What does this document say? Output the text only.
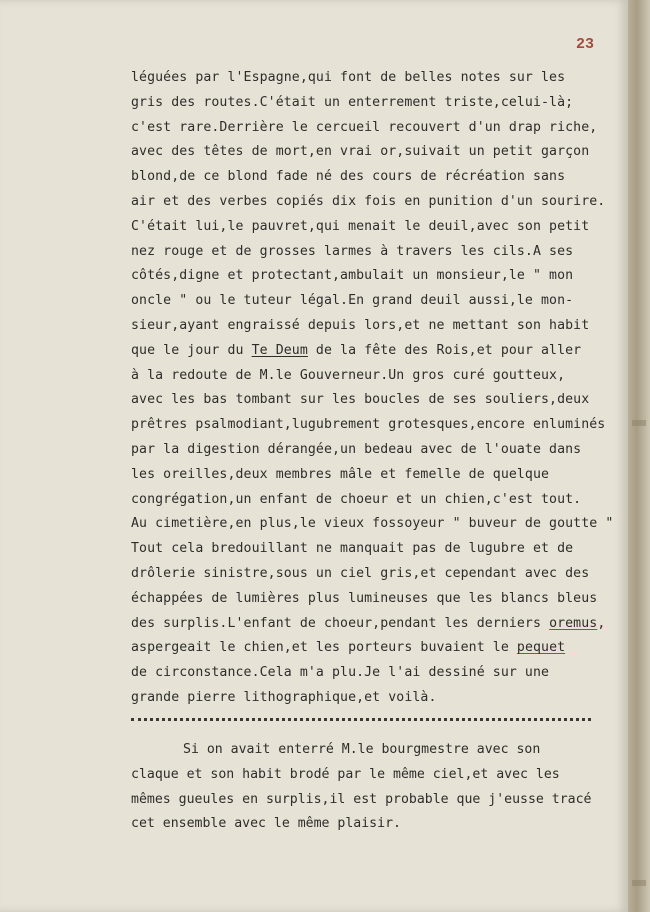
23
léguées par l'Espagne,qui font de belles notes sur les
gris des routes.C'était un enterrement triste,celui-là;
c'est rare.Derrière le cercueil recouvert d'un drap riche,
avec des têtes de mort,en vrai or,suivait un petit garçon
blond,de ce blond fade né des cours de récréation sans
air et des verbes copiés dix fois en punition d'un sourire.
C'était lui,le pauvret,qui menait le deuil,avec son petit
nez rouge et de grosses larmes à travers les cils.A ses
côtés,digne et protectant,ambulait un monsieur,le " mon
oncle " ou le tuteur légal.En grand deuil aussi,le mon-
sieur,ayant engraissé depuis lors,et ne mettant son habit
que le jour du Te Deum de la fête des Rois,et pour aller
à la redoute de M.le Gouverneur.Un gros curé goutteux,
avec les bas tombant sur les boucles de ses souliers,deux
prêtres psalmodiant,lugubrement grotesques,encore enluminés
par la digestion dérangée,un bedeau avec de l'ouate dans
les oreilles,deux membres mâle et femelle de quelque
congrégation,un enfant de choeur et un chien,c'est tout.
Au cimetière,en plus,le vieux fossoyeur " buveur de goutte "
Tout cela bredouillant ne manquait pas de lugubre et de
drôlerie sinistre,sous un ciel gris,et cependant avec des
échappées de lumières plus lumineuses que les blancs bleus
des surplis.L'enfant de choeur,pendant les derniers oremus,
aspergeait le chien,et les porteurs buvaient le pequet
de circonstance.Cela m'a plu.Je l'ai dessiné sur une
grande pierre lithographique,et voilà.
Si on avait enterré M.le bourgmestre avec son
claque et son habit brodé par le même ciel,et avec les
mêmes gueules en surplis,il est probable que j'eusse tracé
cet ensemble avec le même plaisir.
